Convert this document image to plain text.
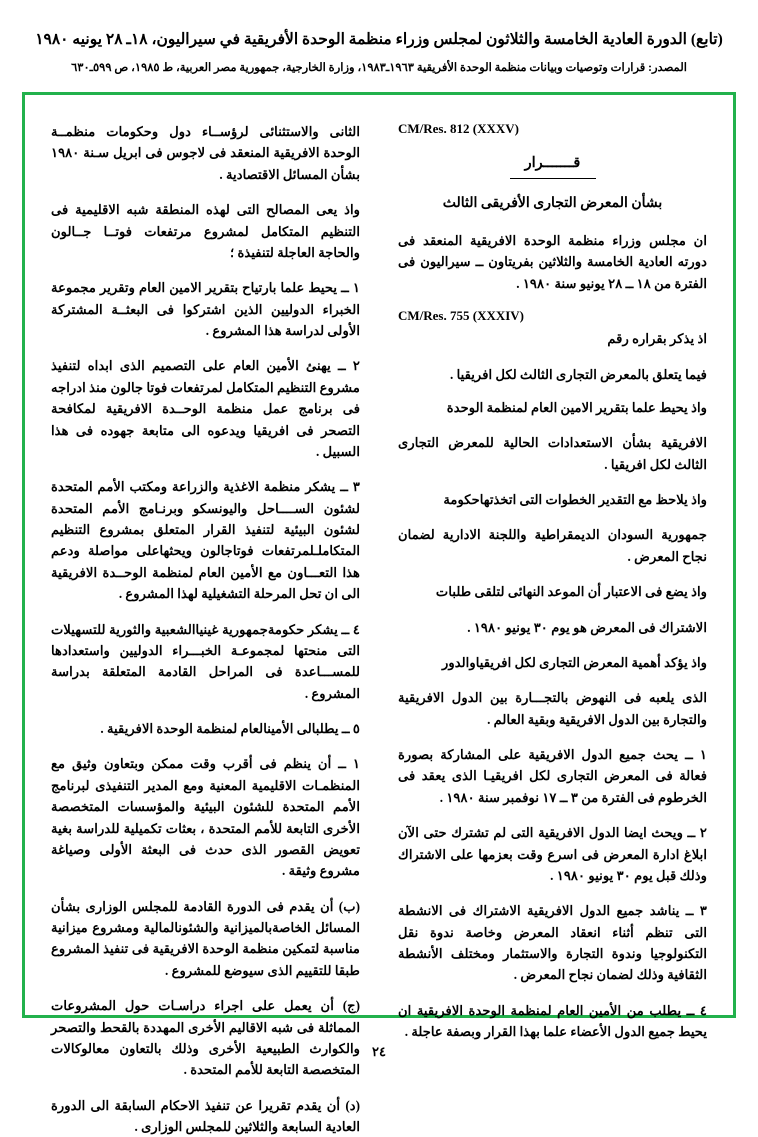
(تابع) الدورة العادية الخامسة والثلاثون لمجلس وزراء منظمة الوحدة الأفريقية في سيراليون، ١٨ـ ٢٨ يونيه ١٩٨٠

المصدر: قرارات وتوصيات وبيانات منظمة الوحدة الأفريقية ١٩٦٣ـ١٩٨٣، وزارة الخارجية، جمهورية مصر العربية، ط ١٩٨٥، ص ٥٩٩ـ٦٣٠

CM/Res. 812 (XXXV)

قـــــــرار

بشأن المعرض التجارى الأفريقى الثالث

ان مجلس وزراء منظمة الوحدة الافريقية المنعقد فى دورته العادية الخامسة والثلاثين بفريتاون ــ سيراليون فى الفترة من ١٨ ــ ٢٨ يونيو سنة ١٩٨٠ .

CM/Res. 755 (XXXIV)

اذ يذكر بقراره رقم

فيما يتعلق بالمعرض التجارى الثالث لكل افريقيا .

واذ يحيط علما بتقرير الامين العام لمنظمة الوحدة

الافريقية بشأن الاستعدادات الحالية للمعرض التجارى الثالث لكل افريقيا .

واذ يلاحظ مع التقدير الخطوات التى اتخذتهاحكومة

جمهورية السودان الديمقراطية واللجنة الادارية لضمان نجاح المعرض .

واذ يضع فى الاعتبار أن الموعد النهائى لتلقى طلبات

الاشتراك فى المعرض هو يوم ٣٠ يونيو ١٩٨٠ .

واذ يؤكد أهمية المعرض التجارى لكل افريقياوالدور

الذى يلعبه فى النهوض بالتجـــارة بين الدول الافريقية والتجارة بين الدول الافريقية وبقية العالم .

١ ــ يحث جميع الدول الافريقية على المشاركة بصورة فعالة فى المعرض التجارى لكل افريقيـا الذى يعقد فى الخرطوم فى الفترة من ٣ ــ ١٧ نوفمبر سنة ١٩٨٠ .

٢ ــ ويحث ايضا الدول الافريقية التى لم تشترك حتى الآن ابلاغ ادارة المعرض فى اسرع وقت بعزمها على الاشتراك وذلك قبل يوم ٣٠ يونيو ١٩٨٠ .

٣ ــ يناشد جميع الدول الافريقية الاشتراك فى الانشطة التى تنظم أثناء انعقاد المعرض وخاصة ندوة نقل التكنولوجيا وندوة التجارة والاستثمار ومختلف الأنشطة الثقافية وذلك لضمان نجاح المعرض .

٤ ــ يطلب من الأمين العام لمنظمة الوحدة الافريقية ان يحيط جميع الدول الأعضاء علما بهذا القرار وبصفة عاجلة .

الثانى والاستثنائى لرؤســاء دول وحكومات منظمــة الوحدة الافريقية المنعقد فى لاجوس فى ابريل سـنة ١٩٨٠ بشأن المسائل الاقتصادية .

واذ يعى المصالح التى لهذه المنطقة شبه الاقليمية فى التنظيم المتكامل لمشروع مرتفعات فوتــا جــالون والحاجة العاجلة لتنفيذة ؛

١ ــ يحيط علما بارتياح بتقرير الامين العام وتقرير مجموعة الخبراء الدوليين الذين اشتركوا فى البعثــة المشتركة الأولى لدراسة هذا المشروع .

٢ ــ يهنئ الأمين العام على التصميم الذى ابداه لتنفيذ مشروع التنظيم المتكامل لمرتفعات فوتا جالون منذ ادراجه فى برنامج عمل منظمة الوحــدة الافريقية لمكافحة التصحر فى افريقيا ويدعوه الى متابعة جهوده فى هذا السبيل .

٣ ــ يشكر منظمة الاغذية والزراعة ومكتب الأمم المتحدة لشئون الســــاحل واليونسكو وبرنـامج الأمم المتحدة لشئون البيئية لتنفيذ القرار المتعلق بمشروع التنظيم المتكاملـلمرتفعات فوتاجالون ويحثهاعلى مواصلة ودعم هذا التعـــاون مع الأمين العام لمنظمة الوحــدة الافريقية الى ان تحل المرحلة التشغيلية لهذا المشروع .

٤ ــ يشكر حكومةجمهورية غينياالشعبية والثورية للتسهيلات التى منحتها لمجموعـة الخبـــراء الدوليين واستعدادها للمســـاعدة فى المراحل القادمة المتعلقة بدراسة المشروع .

٥ ــ يطلبالى الأمينالعام لمنظمة الوحدة الافريقية .

١ ــ أن ينظم فى أقرب وقت ممكن وبتعاون وثيق مع المنظمـات الاقليمية المعنية ومع المدير التنفيذى لبرنامج الأمم المتحدة للشئون البيئية والمؤسسات المتخصصة الأخرى التابعة للأمم المتحدة ، بعثات تكميلية للدراسة بغية تعويض القصور الذى حدث فى البعثة الأولى وصياغة مشروع وثيقة .

(ب) أن يقدم فى الدورة القادمة للمجلس الوزارى بشأن المسائل الخاصةبالميزانية والشئونالمالية ومشروع ميزانية مناسبة لتمكين منظمة الوحدة الافريقية فى تنفيذ المشروع طبقا للتقييم الذى سيوضع للمشروع .

(ج) أن يعمل على اجراء دراسـات حول المشروعات المماثلة فى شبه الاقاليم الأخرى المهددة بالقحط والتصحر والكوارث الطبيعية الأخرى وذلك بالتعاون معالوكالات المتخصصة التابعة للأمم المتحدة .

(د) أن يقدم تقريرا عن تنفيذ الاحكام السابقة الى الدورة العادية السابعة والثلاثين للمجلس الوزارى .

٢٤
